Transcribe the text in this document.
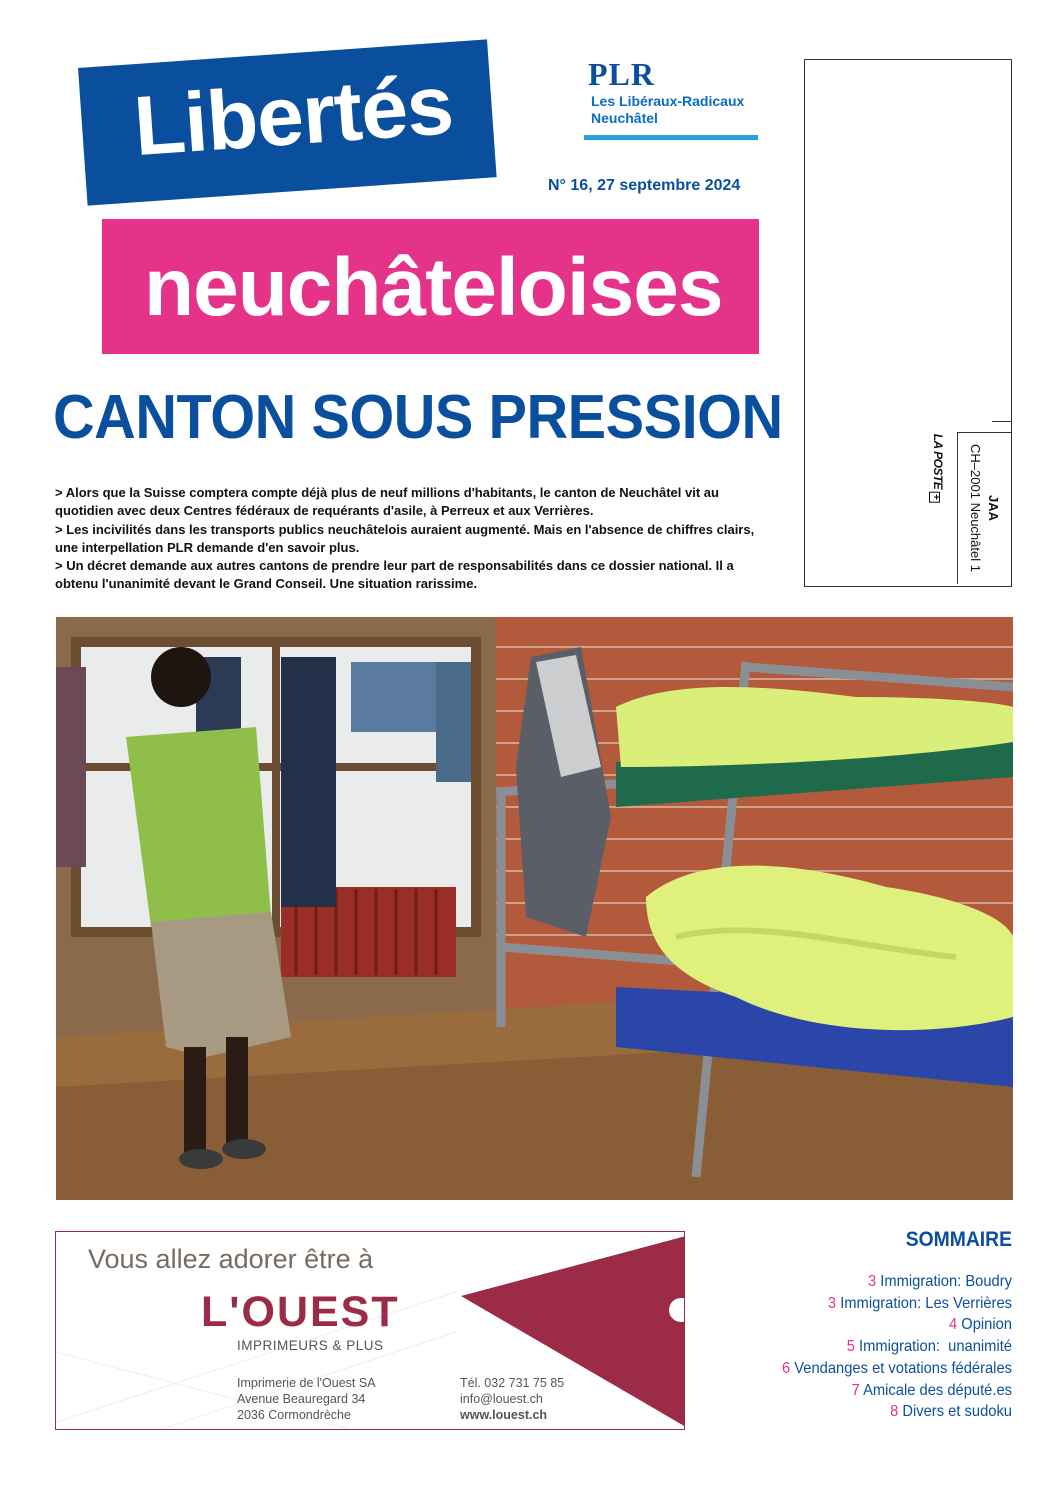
Libertés
neuchâteloises
PLR
Les Libéraux-Radicaux
Neuchâtel
N° 16, 27 septembre 2024
JAA
CH–2001 Neuchâtel 1
LA POSTE+
CANTON SOUS PRESSION

> Alors que la Suisse comptera compte déjà plus de neuf millions d'habitants, le canton de Neuchâtel vit au quotidien avec deux Centres fédéraux de requérants d'asile, à Perreux et aux Verrières.

> Les incivilités dans les transports publics neuchâtelois auraient augmenté. Mais en l'absence de chiffres clairs, une interpellation PLR demande d'en savoir plus.

> Un décret demande aux autres cantons de prendre leur part de responsabilités dans ce dossier national. Il a obtenu l'unanimité devant le Grand Conseil. Une situation rarissime.

Vous allez adorer être à
L'OUEST
IMPRIMEURS & PLUS
Imprimerie de l'Ouest SA
Avenue Beauregard 34
2036 Cormondrèche
Tél. 032 731 75 85
info@louest.ch
www.louest.ch
SOMMAIRE
3 Immigration: Boudry
3 Immigration: Les Verrières
4 Opinion
5 Immigration:  unanimité
6 Vendanges et votations fédérales
7 Amicale des député.es
8 Divers et sudoku
